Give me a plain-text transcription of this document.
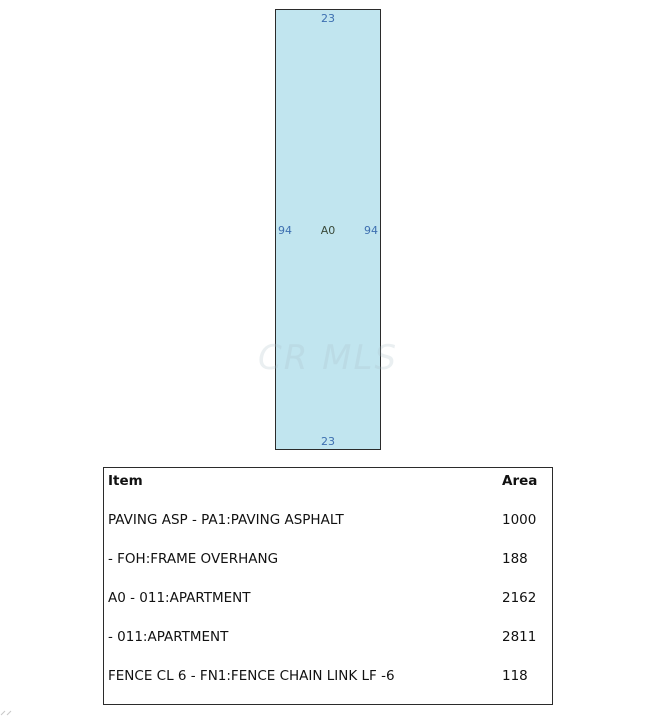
23
94	A0	94
23
CR MLS
Item	Area
PAVING ASP - PA1:PAVING ASPHALT	1000
- FOH:FRAME OVERHANG	188
A0 - 011:APARTMENT	2162
- 011:APARTMENT	2811
FENCE CL 6 - FN1:FENCE CHAIN LINK LF -6	118
